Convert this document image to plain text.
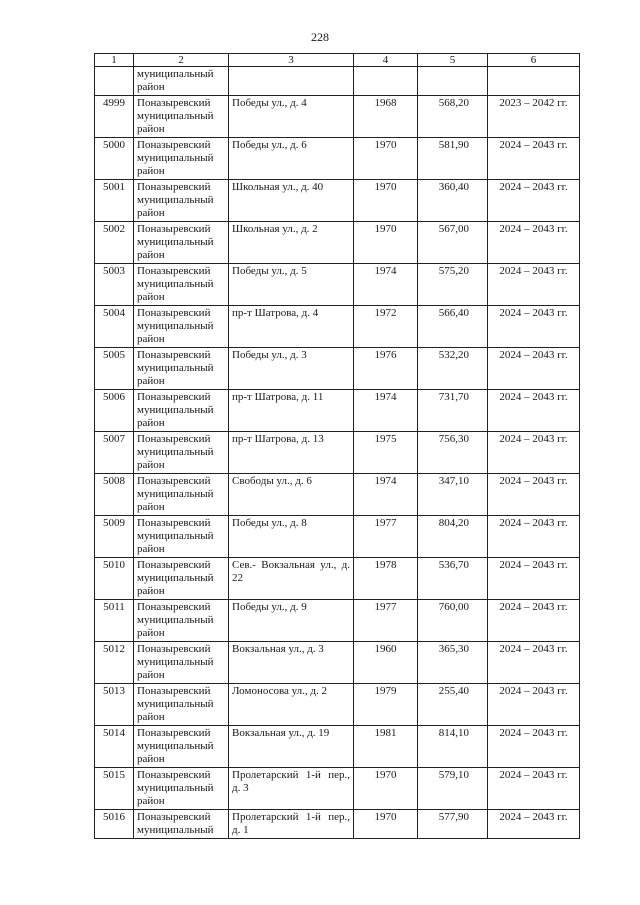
228
1	2	3	4	5	6
	муниципальный район				
4999	Поназыревский муниципальный район	Победы ул., д. 4	1968	568,20	2023 – 2042 гг.
5000	Поназыревский муниципальный район	Победы ул., д. 6	1970	581,90	2024 – 2043 гг.
5001	Поназыревский муниципальный район	Школьная ул., д. 40	1970	360,40	2024 – 2043 гг.
5002	Поназыревский муниципальный район	Школьная ул., д. 2	1970	567,00	2024 – 2043 гг.
5003	Поназыревский муниципальный район	Победы ул., д. 5	1974	575,20	2024 – 2043 гг.
5004	Поназыревский муниципальный район	пр-т Шатрова, д. 4	1972	566,40	2024 – 2043 гг.
5005	Поназыревский муниципальный район	Победы ул., д. 3	1976	532,20	2024 – 2043 гг.
5006	Поназыревский муниципальный район	пр-т Шатрова, д. 11	1974	731,70	2024 – 2043 гг.
5007	Поназыревский муниципальный район	пр-т Шатрова, д. 13	1975	756,30	2024 – 2043 гг.
5008	Поназыревский муниципальный район	Свободы ул., д. 6	1974	347,10	2024 – 2043 гг.
5009	Поназыревский муниципальный район	Победы ул., д. 8	1977	804,20	2024 – 2043 гг.
5010	Поназыревский муниципальный район	Сев.- Вокзальная ул., д. 22	1978	536,70	2024 – 2043 гг.
5011	Поназыревский муниципальный район	Победы ул., д. 9	1977	760,00	2024 – 2043 гг.
5012	Поназыревский муниципальный район	Вокзальная ул., д. 3	1960	365,30	2024 – 2043 гг.
5013	Поназыревский муниципальный район	Ломоносова ул., д. 2	1979	255,40	2024 – 2043 гг.
5014	Поназыревский муниципальный район	Вокзальная ул., д. 19	1981	814,10	2024 – 2043 гг.
5015	Поназыревский муниципальный район	Пролетарский 1-й пер., д. 3	1970	579,10	2024 – 2043 гг.
5016	Поназыревский муниципальный	Пролетарский 1-й пер., д. 1	1970	577,90	2024 – 2043 гг.
